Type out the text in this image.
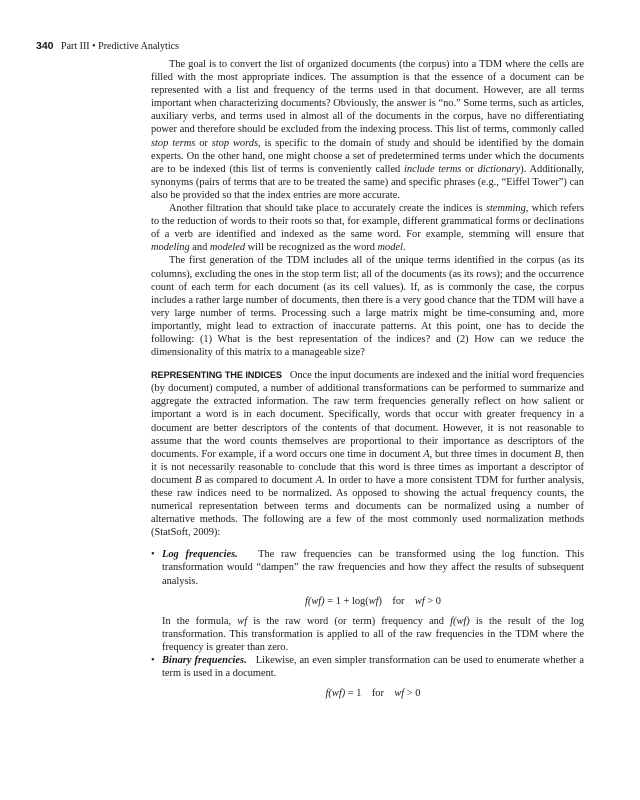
340 Part III • Predictive Analytics

The goal is to convert the list of organized documents (the corpus) into a TDM where the cells are filled with the most appropriate indices. The assumption is that the essence of a document can be represented with a list and frequency of the terms used in that document. However, are all terms important when characterizing documents? Obviously, the answer is “no.” Some terms, such as articles, auxiliary verbs, and terms used in almost all of the documents in the corpus, have no differentiating power and therefore should be excluded from the indexing process. This list of terms, commonly called stop terms or stop words, is specific to the domain of study and should be identified by the domain experts. On the other hand, one might choose a set of predetermined terms under which the documents are to be indexed (this list of terms is conveniently called include terms or dictionary). Additionally, synonyms (pairs of terms that are to be treated the same) and specific phrases (e.g., “Eiffel Tower”) can also be provided so that the index entries are more accurate.

Another filtration that should take place to accurately create the indices is stemming, which refers to the reduction of words to their roots so that, for example, different grammatical forms or declinations of a verb are identified and indexed as the same word. For example, stemming will ensure that modeling and modeled will be recognized as the word model.

The first generation of the TDM includes all of the unique terms identified in the corpus (as its columns), excluding the ones in the stop term list; all of the documents (as its rows); and the occurrence count of each term for each document (as its cell values). If, as is commonly the case, the corpus includes a rather large number of documents, then there is a very good chance that the TDM will have a very large number of terms. Processing such a large matrix might be time-consuming and, more importantly, might lead to extraction of inaccurate patterns. At this point, one has to decide the following: (1) What is the best representation of the indices? and (2) How can we reduce the dimensionality of this matrix to a manageable size?

REPRESENTING THE INDICES Once the input documents are indexed and the initial word frequencies (by document) computed, a number of additional transformations can be performed to summarize and aggregate the extracted information. The raw term frequencies generally reflect on how salient or important a word is in each document. Specifically, words that occur with greater frequency in a document are better descriptors of the contents of that document. However, it is not reasonable to assume that the word counts themselves are proportional to their importance as descriptors of the documents. For example, if a word occurs one time in document A, but three times in document B, then it is not necessarily reasonable to conclude that this word is three times as important a descriptor of document B as compared to document A. In order to have a more consistent TDM for further analysis, these raw indices need to be normalized. As opposed to showing the actual frequency counts, the numerical representation between terms and documents can be normalized using a number of alternative methods. The following are a few of the most commonly used normalization methods (StatSoft, 2009):

• Log frequencies. The raw frequencies can be transformed using the log function. This transformation would “dampen” the raw frequencies and how they affect the results of subsequent analysis.

f(wf) = 1 + log(wf) for wf > 0

In the formula, wf is the raw word (or term) frequency and f(wf) is the result of the log transformation. This transformation is applied to all of the raw frequencies in the TDM where the frequency is greater than zero.

• Binary frequencies. Likewise, an even simpler transformation can be used to enumerate whether a term is used in a document.

f(wf) = 1 for wf > 0
